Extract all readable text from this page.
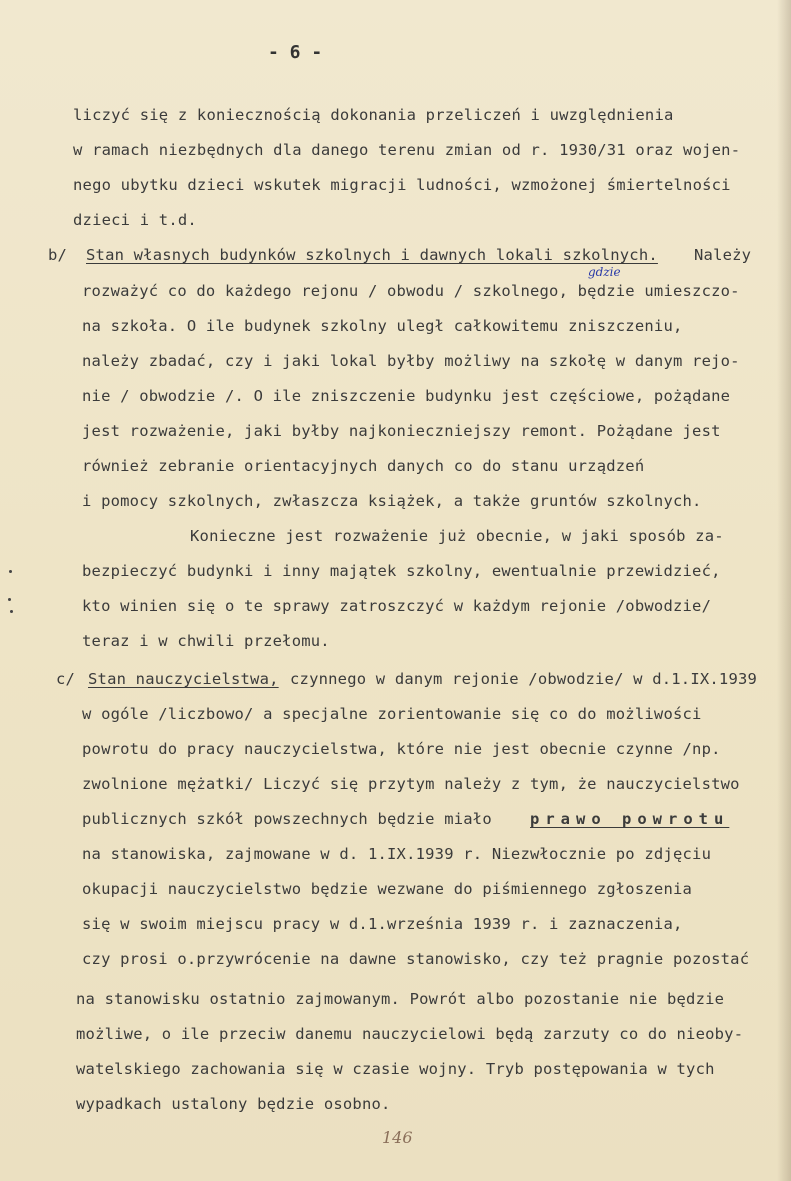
- 6 -
liczyć się z koniecznością dokonania przeliczeń i uwzględnienia
w ramach niezbędnych dla danego terenu zmian od r. 1930/31 oraz wojen-
nego ubytku dzieci wskutek migracji ludności, wzmożonej śmiertelności
dzieci i t.d.
b/ Stan własnych budynków szkolnych i dawnych lokali szkolnych. Należy
gdzie
rozważyć co do każdego rejonu / obwodu / szkolnego, będzie umieszczo-
na szkoła. O ile budynek szkolny uległ całkowitemu zniszczeniu,
należy zbadać, czy i jaki lokal byłby możliwy na szkołę w danym rejo-
nie / obwodzie /. O ile zniszczenie budynku jest częściowe, pożądane
jest rozważenie, jaki byłby najkonieczniejszy remont. Pożądane jest
również zebranie orientacyjnych danych co do stanu urządzeń
i pomocy szkolnych, zwłaszcza książek, a także gruntów szkolnych.
Konieczne jest rozważenie już obecnie, w jaki sposób za-
bezpieczyć budynki i inny majątek szkolny, ewentualnie przewidzieć,
kto winien się o te sprawy zatroszczyć w każdym rejonie /obwodzie/
teraz i w chwili przełomu.
c/ Stan nauczycielstwa, czynnego w danym rejonie /obwodzie/ w d.1.IX.1939
w ogóle /liczbowo/ a specjalne zorientowanie się co do możliwości
powrotu do pracy nauczycielstwa, które nie jest obecnie czynne /np.
zwolnione mężatki/ Liczyć się przytym należy z tym, że nauczycielstwo
publicznych szkół powszechnych będzie miało prawo powrotu
na stanowiska, zajmowane w d. 1.IX.1939 r. Niezwłocznie po zdjęciu
okupacji nauczycielstwo będzie wezwane do piśmiennego zgłoszenia
się w swoim miejscu pracy w d.1.września 1939 r. i zaznaczenia,
czy prosi o.przywrócenie na dawne stanowisko, czy też pragnie pozostać
na stanowisku ostatnio zajmowanym. Powrót albo pozostanie nie będzie
możliwe, o ile przeciw danemu nauczycielowi będą zarzuty co do nieoby-
watelskiego zachowania się w czasie wojny. Tryb postępowania w tych
wypadkach ustalony będzie osobno.
146
